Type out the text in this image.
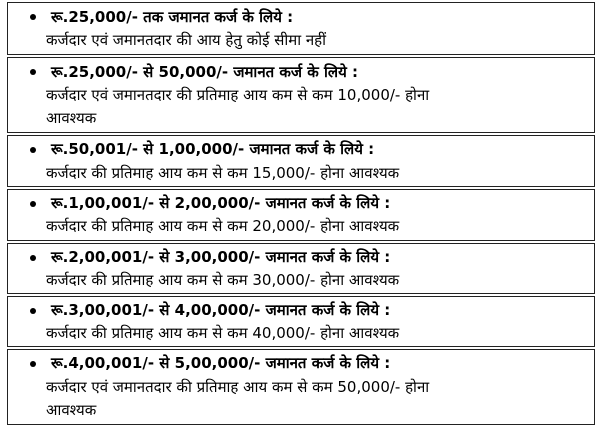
रू.25,000/- तक जमानत कर्ज के लिये :
कर्जदार एवं जमानतदार की आय हेतु कोई सीमा नहीं
रू.25,000/- से 50,000/- जमानत कर्ज के लिये :
कर्जदार एवं जमानतदार की प्रतिमाह आय कम से कम 10,000/- होना
आवश्यक
रू.50,001/- से 1,00,000/- जमानत कर्ज के लिये :
कर्जदार की प्रतिमाह आय कम से कम 15,000/- होना आवश्यक
रू.1,00,001/- से 2,00,000/- जमानत कर्ज के लिये :
कर्जदार की प्रतिमाह आय कम से कम 20,000/- होना आवश्यक
रू.2,00,001/- से 3,00,000/- जमानत कर्ज के लिये :
कर्जदार की प्रतिमाह आय कम से कम 30,000/- होना आवश्यक
रू.3,00,001/- से 4,00,000/- जमानत कर्ज के लिये :
कर्जदार की प्रतिमाह आय कम से कम 40,000/- होना आवश्यक
रू.4,00,001/- से 5,00,000/- जमानत कर्ज के लिये :
कर्जदार एवं जमानतदार की प्रतिमाह आय कम से कम 50,000/- होना
आवश्यक
